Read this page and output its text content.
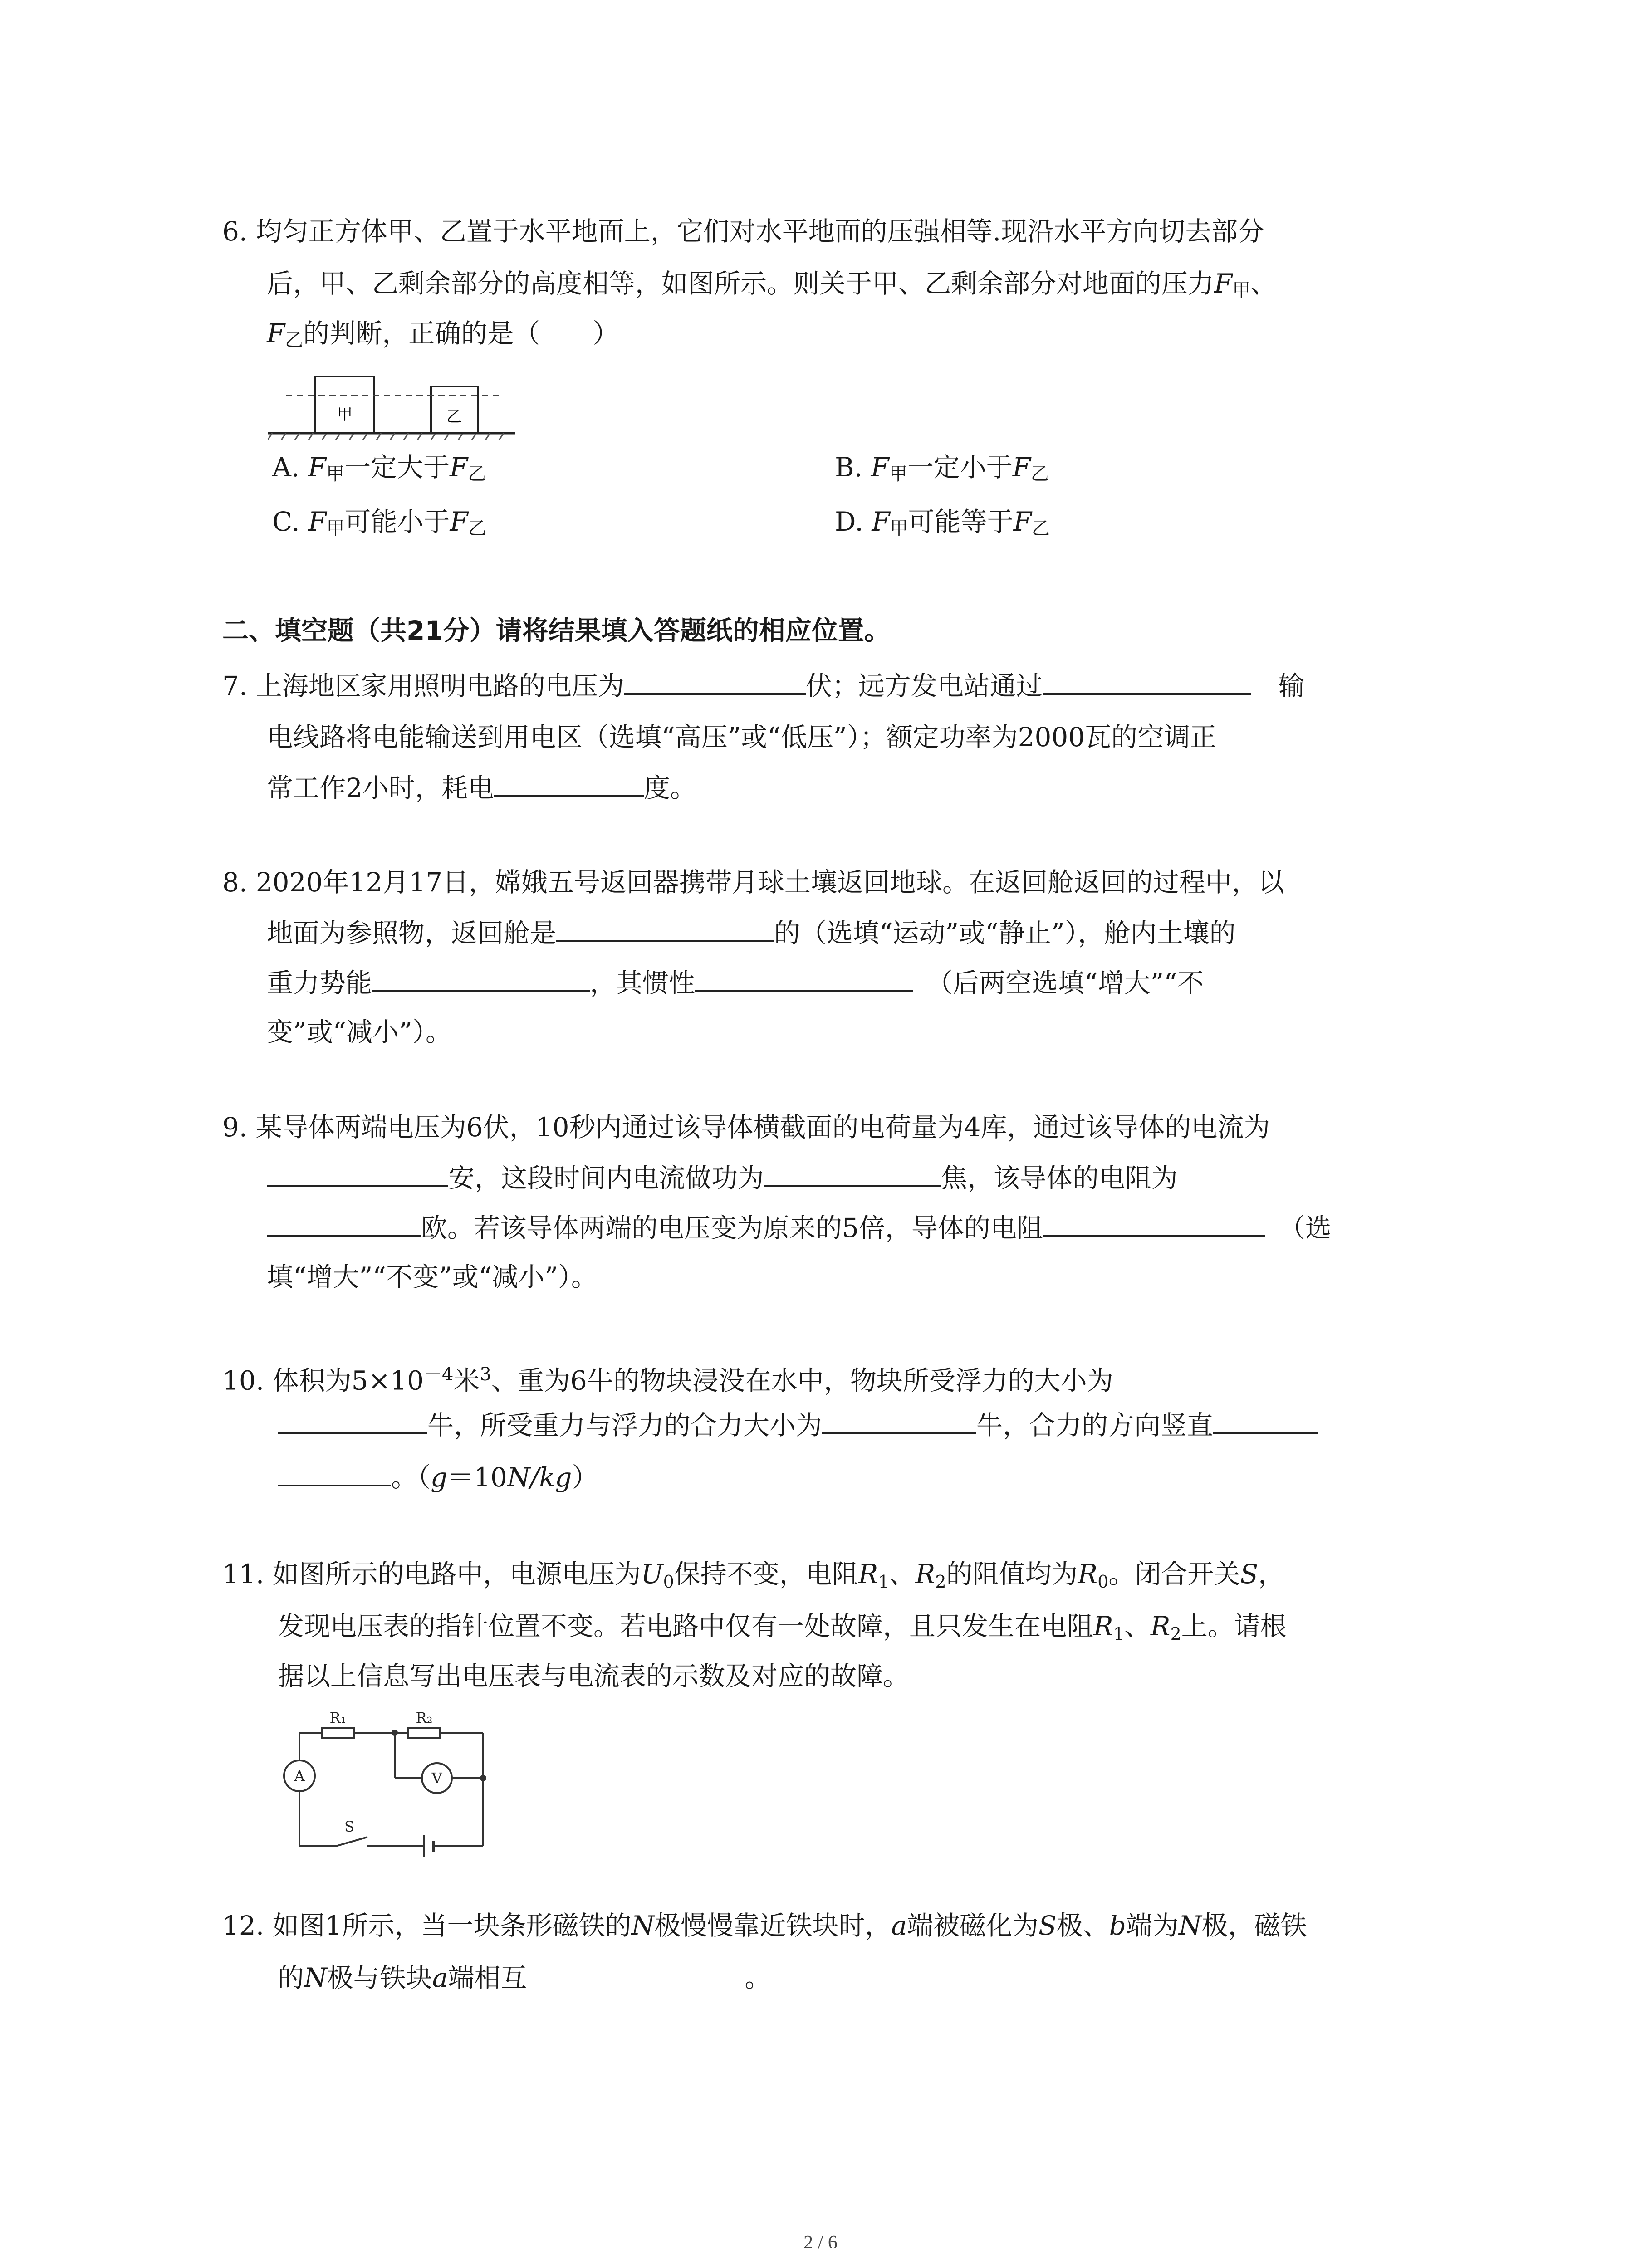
6. 均匀正方体甲、乙置于水平地面上，它们对水平地面的压强相等.现沿水平方向切去部分
后，甲、乙剩余部分的高度相等，如图所示。则关于甲、乙剩余部分对地面的压力F甲、
F乙的判断，正确的是（　　）
甲	乙
A. F甲一定大于F乙	B. F甲一定小于F乙
C. F甲可能小于F乙	D. F甲可能等于F乙
二、填空题（共21分）请将结果填入答题纸的相应位置。
7. 上海地区家用照明电路的电压为	伏；远方发电站通过	输
电线路将电能输送到用电区（选填“高压”或“低压”）；额定功率为2000瓦的空调正
常工作2小时，耗电	度。
8. 2020年12月17日，嫦娥五号返回器携带月球土壤返回地球。在返回舱返回的过程中，以
地面为参照物，返回舱是	的（选填“运动”或“静止”），舱内土壤的
重力势能	，其惯性	（后两空选填“增大”“不
变”或“减小”）。
9. 某导体两端电压为6伏，10秒内通过该导体横截面的电荷量为4库，通过该导体的电流为
安，这段时间内电流做功为	焦，该导体的电阻为
欧。若该导体两端的电压变为原来的5倍，导体的电阻	（选
填“增大”“不变”或“减小”）。
10. 体积为$5\times 10^{-4}$米$^3$、重为6牛的物块浸没在水中，物块所受浮力的大小为
牛，所受重力与浮力的合力大小为	牛，合力的方向竖直
。（g＝10N/kg）
11. 如图所示的电路中，电源电压为$U_0$保持不变，电阻$R_1$、$R_2$的阻值均为$R_0$。闭合开关S，
发现电压表的指针位置不变。若电路中仅有一处故障，且只发生在电阻$R_1$、$R_2$上。请根
据以上信息写出电压表与电流表的示数及对应的故障。
R₁	R₂
A	V
S
12. 如图1所示，当一块条形磁铁的N极慢慢靠近铁块时，a端被磁化为S极、b端为N极，磁铁
的N极与铁块a端相互	。
2 / 6
